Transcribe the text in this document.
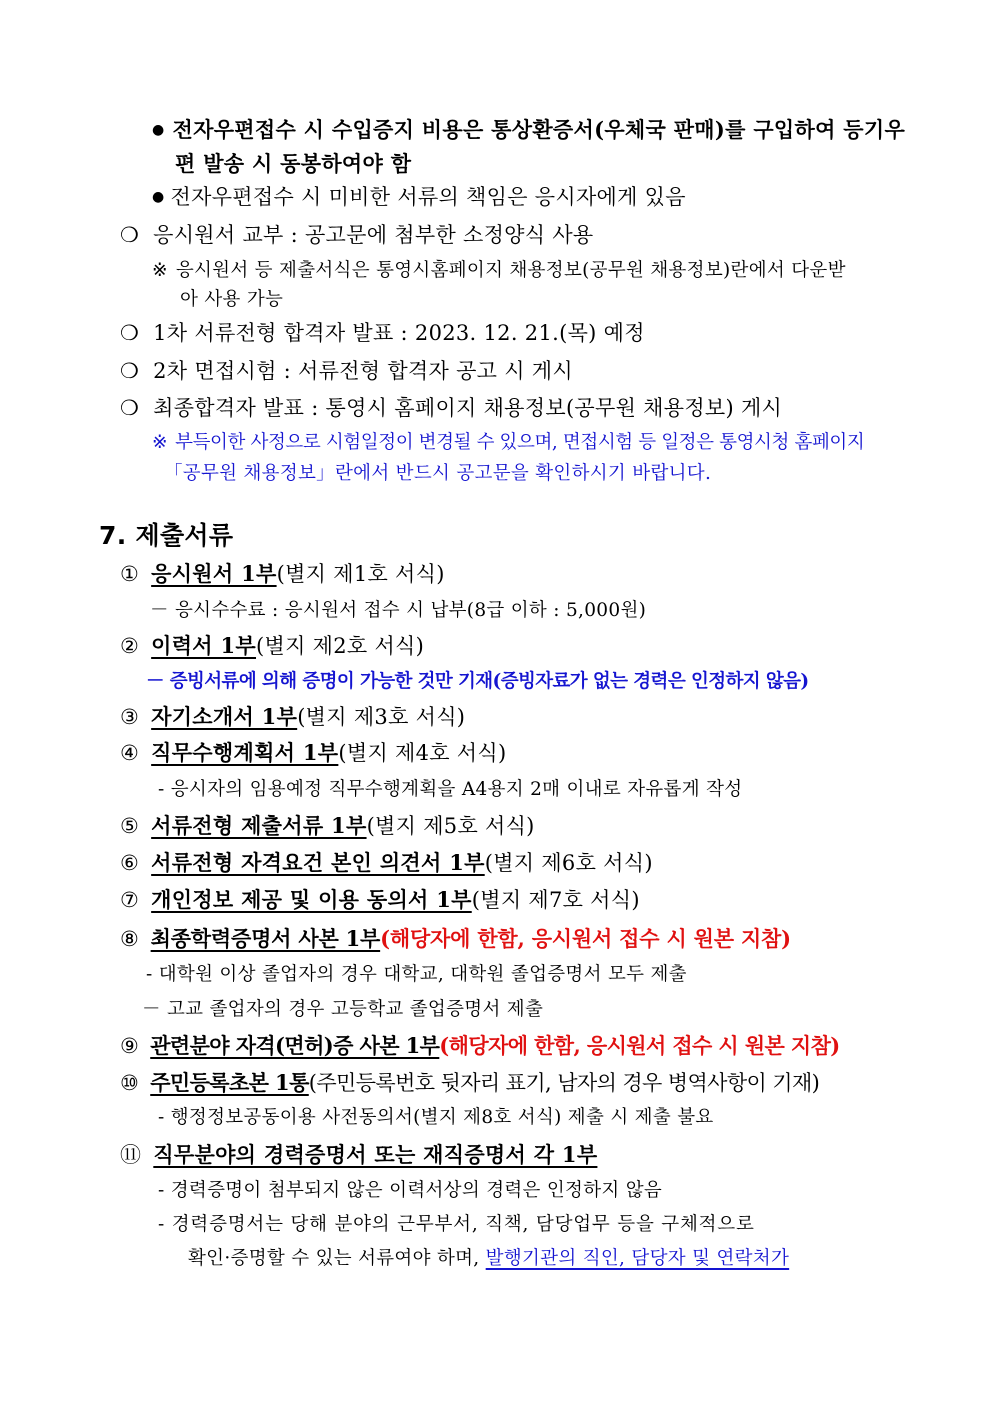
● 전자우편접수 시 수입증지 비용은 통상환증서(우체국 판매)를 구입하여 등기우
편 발송 시 동봉하여야 함
● 전자우편접수 시 미비한 서류의 책임은 응시자에게 있음
❍ 응시원서 교부 : 공고문에 첨부한 소정양식 사용
※ 응시원서 등 제출서식은 통영시홈페이지 채용정보(공무원 채용정보)란에서 다운받
아 사용 가능
❍ 1차 서류전형 합격자 발표 : 2023. 12. 21.(목) 예정
❍ 2차 면접시험 : 서류전형 합격자 공고 시 게시
❍ 최종합격자 발표 : 통영시 홈페이지 채용정보(공무원 채용정보) 게시
※ 부득이한 사정으로 시험일정이 변경될 수 있으며, 면접시험 등 일정은 통영시청 홈페이지
「공무원 채용정보」란에서 반드시 공고문을 확인하시기 바랍니다.
7. 제출서류
① 응시원서 1부(별지 제1호 서식)
－ 응시수수료 : 응시원서 접수 시 납부(8급 이하 : 5,000원)
② 이력서 1부(별지 제2호 서식)
－ 증빙서류에 의해 증명이 가능한 것만 기재(증빙자료가 없는 경력은 인정하지 않음)
③ 자기소개서 1부(별지 제3호 서식)
④ 직무수행계획서 1부(별지 제4호 서식)
- 응시자의 임용예정 직무수행계획을 A4용지 2매 이내로 자유롭게 작성
⑤ 서류전형 제출서류 1부(별지 제5호 서식)
⑥ 서류전형 자격요건 본인 의견서 1부(별지 제6호 서식)
⑦ 개인정보 제공 및 이용 동의서 1부(별지 제7호 서식)
⑧ 최종학력증명서 사본 1부(해당자에 한함, 응시원서 접수 시 원본 지참)
- 대학원 이상 졸업자의 경우 대학교, 대학원 졸업증명서 모두 제출
－ 고교 졸업자의 경우 고등학교 졸업증명서 제출
⑨ 관련분야 자격(면허)증 사본 1부(해당자에 한함, 응시원서 접수 시 원본 지참)
⑩ 주민등록초본 1통(주민등록번호 뒷자리 표기, 남자의 경우 병역사항이 기재)
- 행정정보공동이용 사전동의서(별지 제8호 서식) 제출 시 제출 불요
⑪ 직무분야의 경력증명서 또는 재직증명서 각 1부
- 경력증명이 첨부되지 않은 이력서상의 경력은 인정하지 않음
- 경력증명서는 당해 분야의 근무부서, 직책, 담당업무 등을 구체적으로
확인·증명할 수 있는 서류여야 하며, 발행기관의 직인, 담당자 및 연락처가
